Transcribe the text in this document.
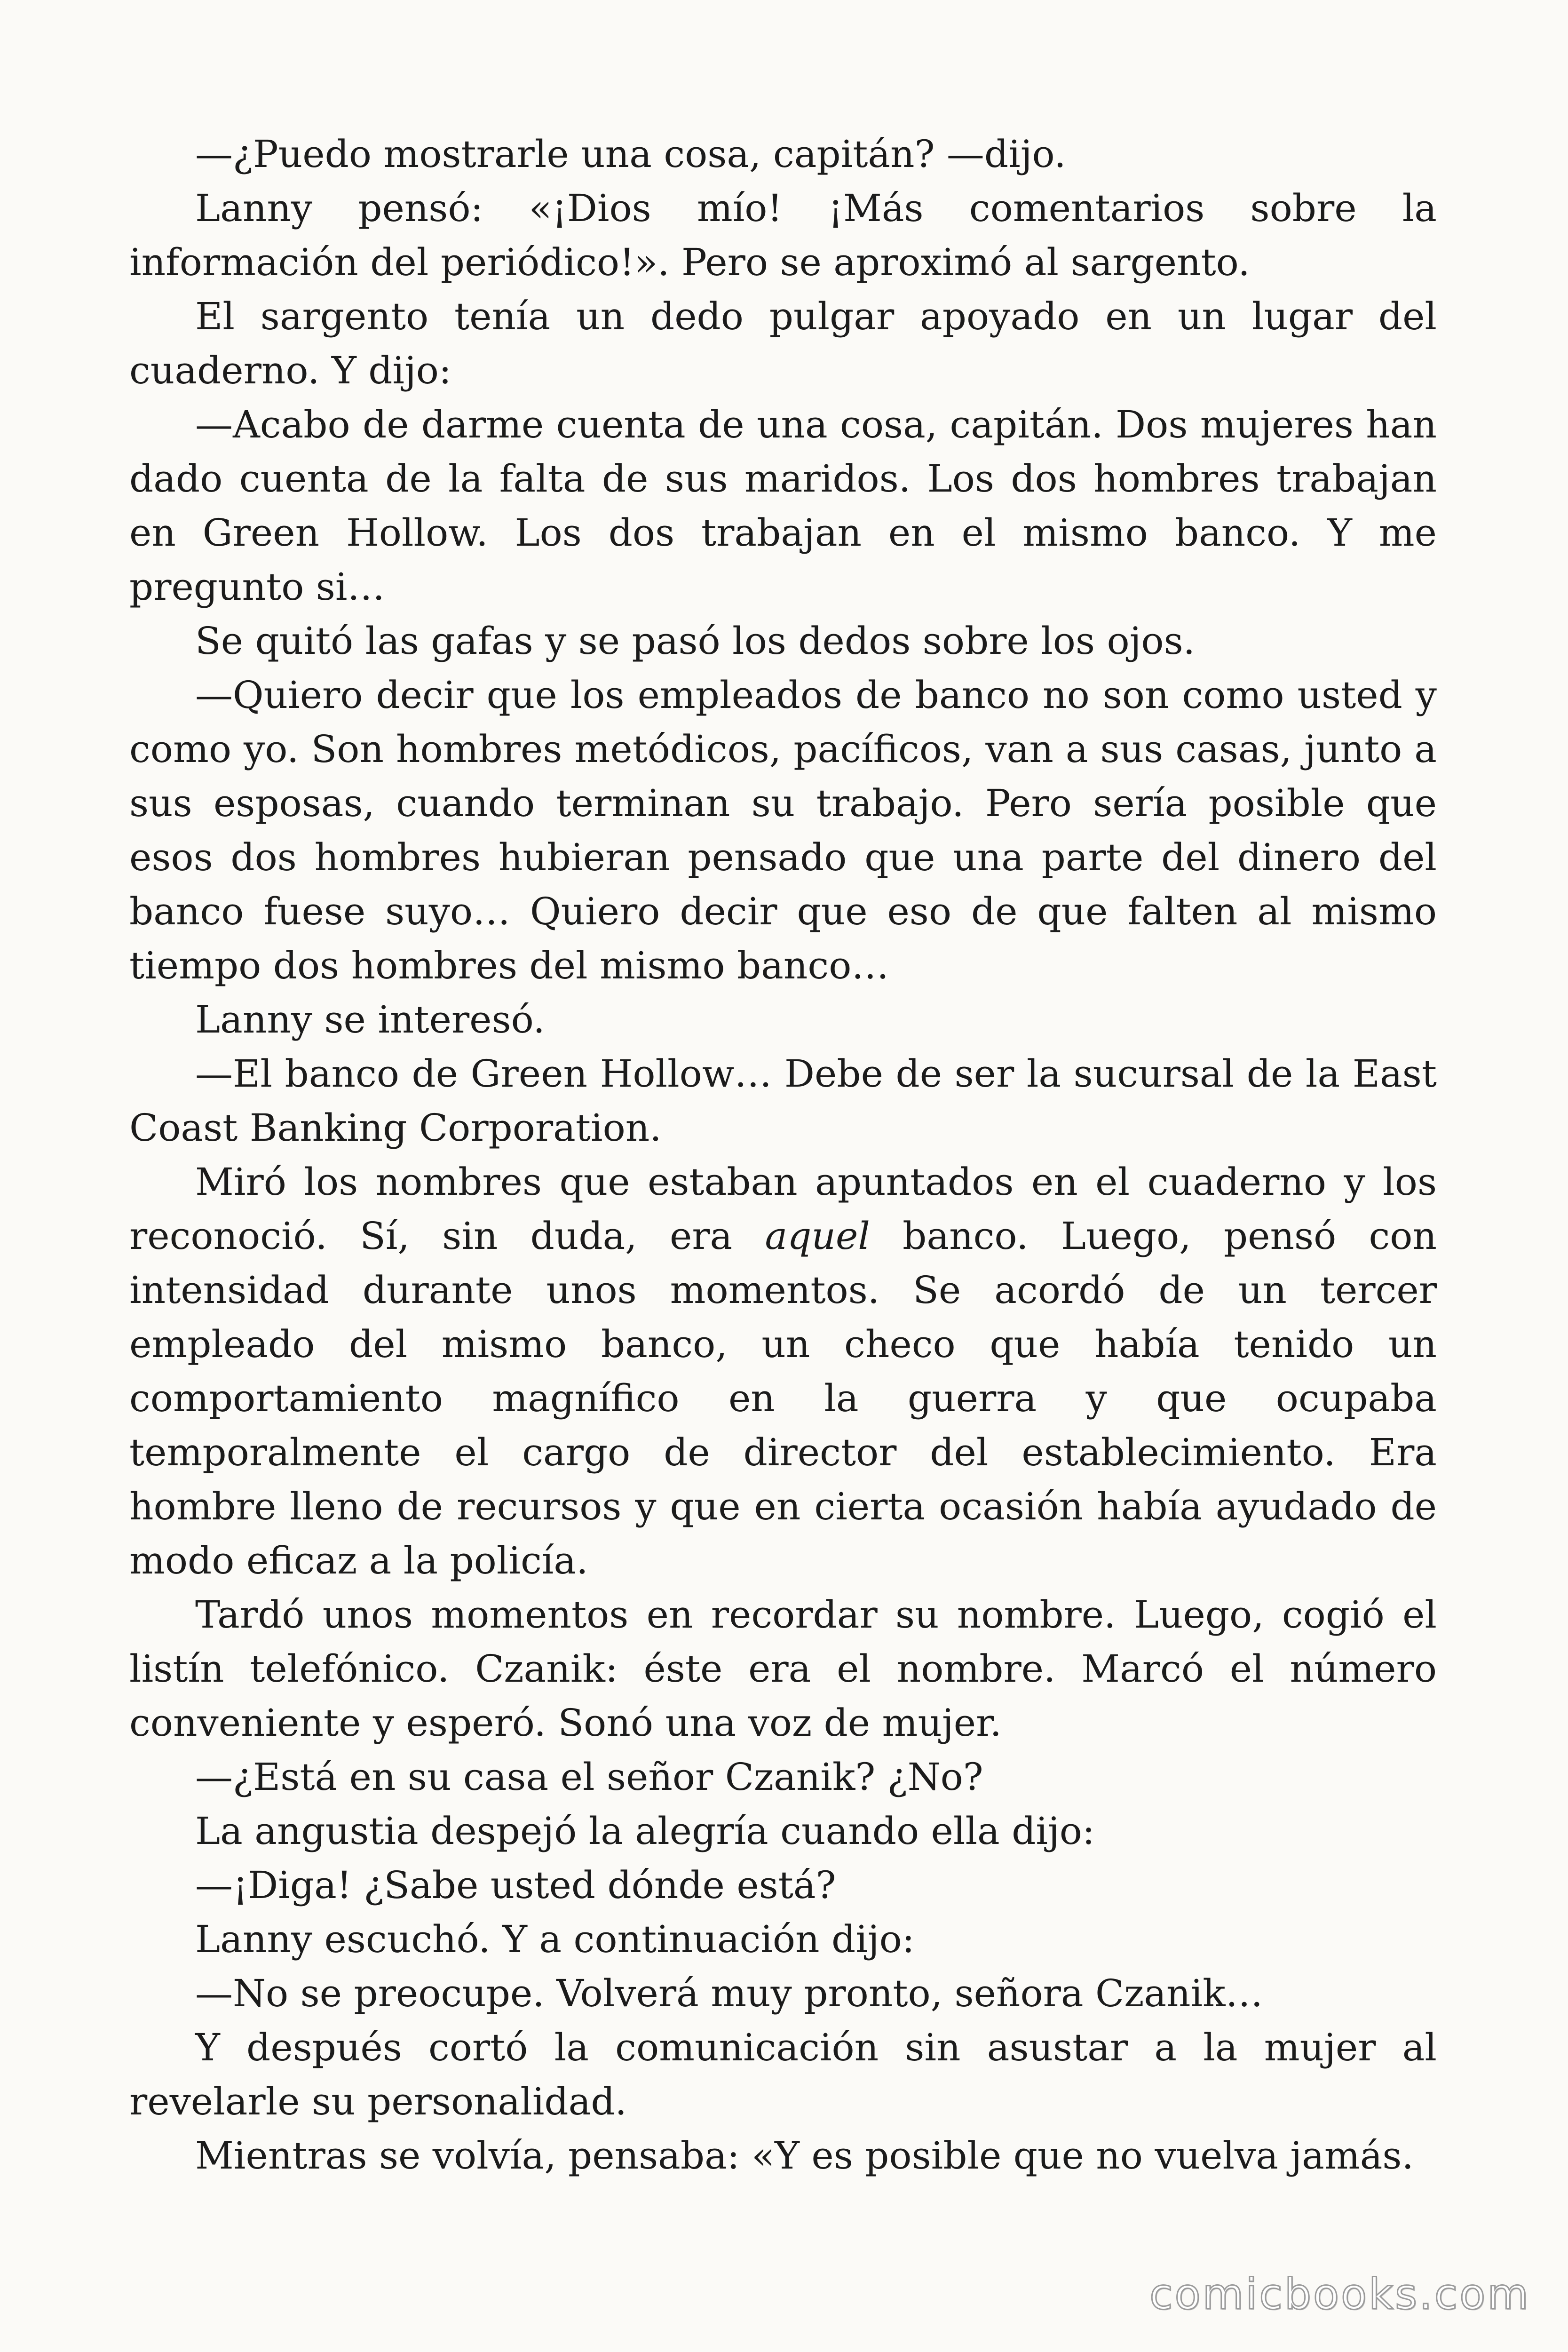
—¿Puedo mostrarle una cosa, capitán? —dijo.

Lanny pensó: «¡Dios mío! ¡Más comentarios sobre la información del periódico!». Pero se aproximó al sargento.

El sargento tenía un dedo pulgar apoyado en un lugar del cuaderno. Y dijo:

—Acabo de darme cuenta de una cosa, capitán. Dos mujeres han dado cuenta de la falta de sus maridos. Los dos hombres trabajan en Green Hollow. Los dos trabajan en el mismo banco. Y me pregunto si…

Se quitó las gafas y se pasó los dedos sobre los ojos.

—Quiero decir que los empleados de banco no son como usted y como yo. Son hombres metódicos, pacíficos, van a sus casas, junto a sus esposas, cuando terminan su trabajo. Pero sería posible que esos dos hombres hubieran pensado que una parte del dinero del banco fuese suyo… Quiero decir que eso de que falten al mismo tiempo dos hombres del mismo banco…

Lanny se interesó.

—El banco de Green Hollow… Debe de ser la sucursal de la East Coast Banking Corporation.

Miró los nombres que estaban apuntados en el cuaderno y los reconoció. Sí, sin duda, era aquel banco. Luego, pensó con intensidad durante unos momentos. Se acordó de un tercer empleado del mismo banco, un checo que había tenido un comportamiento magnífico en la guerra y que ocupaba temporalmente el cargo de director del establecimiento. Era hombre lleno de recursos y que en cierta ocasión había ayudado de modo eficaz a la policía.

Tardó unos momentos en recordar su nombre. Luego, cogió el listín telefónico. Czanik: éste era el nombre. Marcó el número conveniente y esperó. Sonó una voz de mujer.

—¿Está en su casa el señor Czanik? ¿No?

La angustia despejó la alegría cuando ella dijo:

—¡Diga! ¿Sabe usted dónde está?

Lanny escuchó. Y a continuación dijo:

—No se preocupe. Volverá muy pronto, señora Czanik…

Y después cortó la comunicación sin asustar a la mujer al revelarle su personalidad.

Mientras se volvía, pensaba: «Y es posible que no vuelva jamás.

comicbooks.com
